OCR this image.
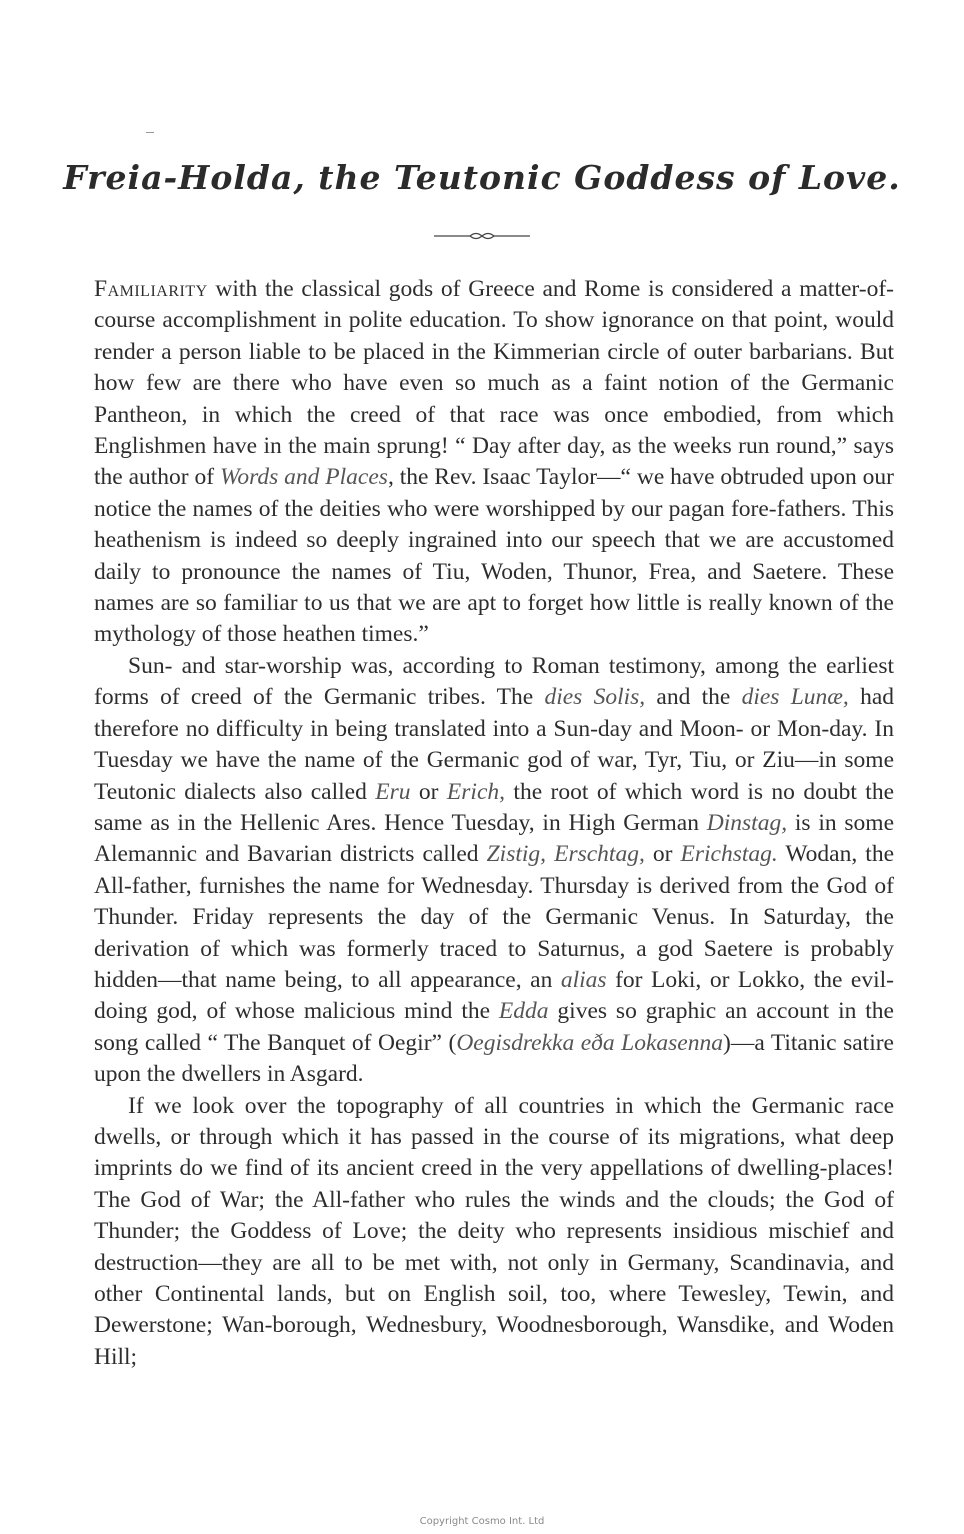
Freia-Holda, the Teutonic Goddess of Love.

Familiarity with the classical gods of Greece and Rome is considered a matter-of-course accomplishment in polite education. To show ignorance on that point, would render a person liable to be placed in the Kimmerian circle of outer barbarians. But how few are there who have even so much as a faint notion of the Germanic Pantheon, in which the creed of that race was once embodied, from which Englishmen have in the main sprung! “ Day after day, as the weeks run round,” says the author of Words and Places, the Rev. Isaac Taylor—“ we have obtruded upon our notice the names of the deities who were worshipped by our pagan fore-fathers. This heathenism is indeed so deeply ingrained into our speech that we are accustomed daily to pronounce the names of Tiu, Woden, Thunor, Frea, and Saetere. These names are so familiar to us that we are apt to forget how little is really known of the mythology of those heathen times.”

Sun- and star-worship was, according to Roman testimony, among the earliest forms of creed of the Germanic tribes. The dies Solis, and the dies Lunæ, had therefore no difficulty in being translated into a Sun-day and Moon- or Mon-day. In Tuesday we have the name of the Germanic god of war, Tyr, Tiu, or Ziu—in some Teutonic dialects also called Eru or Erich, the root of which word is no doubt the same as in the Hellenic Ares. Hence Tuesday, in High German Dinstag, is in some Alemannic and Bavarian districts called Zistig, Erschtag, or Erichstag. Wodan, the All-father, furnishes the name for Wednesday. Thursday is derived from the God of Thunder. Friday represents the day of the Germanic Venus. In Saturday, the derivation of which was formerly traced to Saturnus, a god Saetere is probably hidden—that name being, to all appearance, an alias for Loki, or Lokko, the evil-doing god, of whose malicious mind the Edda gives so graphic an account in the song called “ The Banquet of Oegir” (Oegisdrekka eða Lokasenna)—a Titanic satire upon the dwellers in Asgard.

If we look over the topography of all countries in which the Germanic race dwells, or through which it has passed in the course of its migrations, what deep imprints do we find of its ancient creed in the very appellations of dwelling-places! The God of War; the All-father who rules the winds and the clouds; the God of Thunder; the Goddess of Love; the deity who represents insidious mischief and destruction—they are all to be met with, not only in Germany, Scandinavia, and other Continental lands, but on English soil, too, where Tewesley, Tewin, and Dewerstone; Wan-borough, Wednesbury, Woodnesborough, Wansdike, and Woden Hill;

Copyright Cosmo Int. Ltd
